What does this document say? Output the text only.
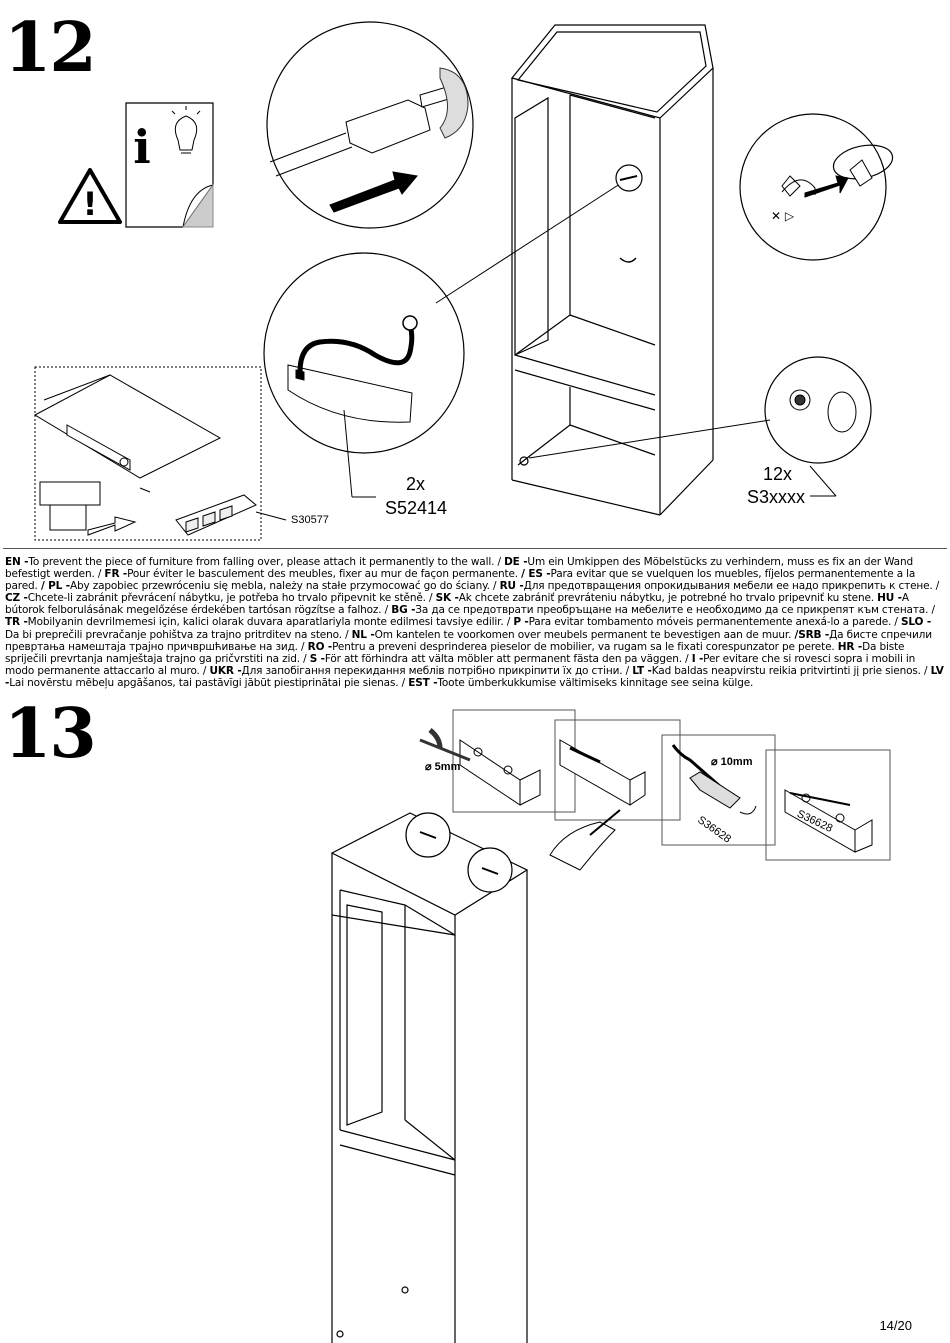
12
13
!
i
✕ ▷
2x
S52414
12x
S3xxxx
S30577
EN -To prevent the piece of furniture from falling over, please attach it permanently to the wall. / DE -Um ein Umkippen des Möbelstücks zu verhindern, muss es fix an der Wand befestigt werden. / FR -Pour éviter le basculement des meubles, fixer au mur de façon permanente. / ES -Para evitar que se vuelquen los muebles, fíjelos permanentemente a la pared. / PL -Aby zapobiec przewróceniu się mebla, należy na stałe przymocować go do ściany. / RU -Для предотвращения опрокидывания мебели ее надо прикрепить к стене. / CZ -Chcete-li zabránit převrácení nábytku, je potřeba ho trvalo připevnit ke stěně. / SK -Ak chcete zabrániť prevráteniu nábytku, je potrebné ho trvalo pripevniť ku stene. HU -A bútorok felborulásának megelőzése érdekében tartósan rögzítse a falhoz. / BG -За да се предотврати преобръщане на мебелите е необходимо да се прикрепят към стената. / TR -Mobilyanin devrilmemesi için, kalici olarak duvara aparatlariyla monte edilmesi tavsiye edilir. / P -Para evitar tombamento móveis permanentemente anexá-lo a parede. / SLO -Da bi preprečili prevračanje pohištva za trajno pritrditev na steno. / NL -Om kantelen te voorkomen over meubels permanent te bevestigen aan de muur. /SRB -Да бисте спречили превртања намештаја трајно причвршћивање на зид. / RO -Pentru a preveni desprinderea pieselor de mobilier, va rugam sa le fixati corespunzator pe perete. HR -Da biste spriječili prevrtanja namještaja trajno ga pričvrstiti na zid. / S -För att förhindra att välta möbler att permanent fästa den pa väggen. / I -Per evitare che si rovesci sopra i mobili in modo permanente attaccarlo al muro. / UKR -Для запобігання перекидання меблів потрібно прикріпити їх до стіни. / LT -Kad baldas neapvirstu reikia pritvirtinti jį prie sienos. / LV -Lai novērstu mēbeļu apgāšanos, tai pastāvīgi jābūt piestiprinātai pie sienas. / EST -Toote ümberkukkumise vältimiseks kinnitage see seina külge.
⌀ 5mm	⌀ 10mm
S36628	S36628
14/20
